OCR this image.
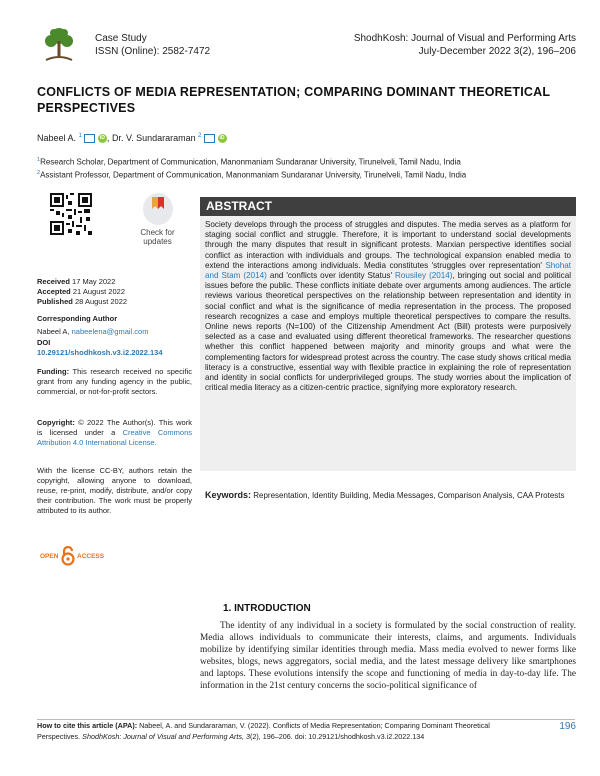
Case Study
ISSN (Online): 2582-7472
ShodhKosh: Journal of Visual and Performing Arts
July-December 2022 3(2), 196–206
CONFLICTS OF MEDIA REPRESENTATION; COMPARING DOMINANT THEORETICAL PERSPECTIVES
Nabeel A. $^1$	iD , Dr. V. Sundararaman $^2$	iD
$^1$Research Scholar, Department of Communication, Manonmaniam Sundaranar University, Tirunelveli, Tamil Nadu, India
$^2$Assistant Professor, Department of Communication, Manonmaniam Sundaranar University, Tirunelveli, Tamil Nadu, India
Check for
updates
Received 17 May 2022
Accepted 21 August 2022
Published 28 August 2022
Corresponding Author
Nabeel A, nabeelena@gmail.com
DOI
10.29121/shodhkosh.v3.i2.2022.134
Funding: This research received no specific grant from any funding agency in the public, commercial, or not-for-profit sectors.
Copyright: © 2022 The Author(s). This work is licensed under a Creative Commons Attribution 4.0 International License.
With the license CC-BY, authors retain the copyright, allowing anyone to download, reuse, re-print, modify, distribute, and/or copy their contribution. The work must be properly attributed to its author.
OPEN	ACCESS
ABSTRACT
Society develops through the process of struggles and disputes. The media serves as a platform for staging social conflict and struggle. Therefore, it is important to understand social developments through the many disputes that result in significant protests. Marxian perspective identifies social conflict as interaction with individuals and groups. The technological expansion enabled media to extend the interactions among individuals. Media constitutes 'struggles over representation' Shohat and Stam (2014) and 'conflicts over identity Status' Rousiley (2014), bringing out social and political issues before the public. These conflicts initiate debate over arguments among audiences. The article reviews various theoretical perspectives on the relationship between representation and identity in social conflict and what is the significance of media representation in the process. The proposed research recognizes a case and employs multiple theoretical perspectives to compare the results. Online news reports (N=100) of the Citizenship Amendment Act (Bill) protests were purposively selected as a case and evaluated using different theoretical frameworks. The researcher questions whether this conflict happened between majority and minority groups and what were the complementing factors for widespread protest across the country. The case study shows critical media literacy is a constructive, essential way with flexible practice in explaining the role of representation and identity in social conflicts for underprivileged groups. The study worries about the implication of critical media literacy as a citizen-centric practice, signifying more exploratory research.
Keywords: Representation, Identity Building, Media Messages, Comparison Analysis, CAA Protests
1. INTRODUCTION
The identity of any individual in a society is formulated by the social construction of reality. Media allows individuals to communicate their interests, claims, and arguments. Individuals mobilize by identifying similar identities through media. Mass media evolved to newer forms like websites, blogs, news aggregators, social media, and the latest message delivery like smartphones and laptops. These evolutions intensify the scope and functioning of media in day-to-day life. The information in the 21st century concerns the socio-political significance of
How to cite this article (APA): Nabeel, A. and Sundararaman, V. (2022). Conflicts of Media Representation; Comparing Dominant Theoretical Perspectives. ShodhKosh: Journal of Visual and Performing Arts, 3(2), 196–206. doi: 10.29121/shodhkosh.v3.i2.2022.134
196
